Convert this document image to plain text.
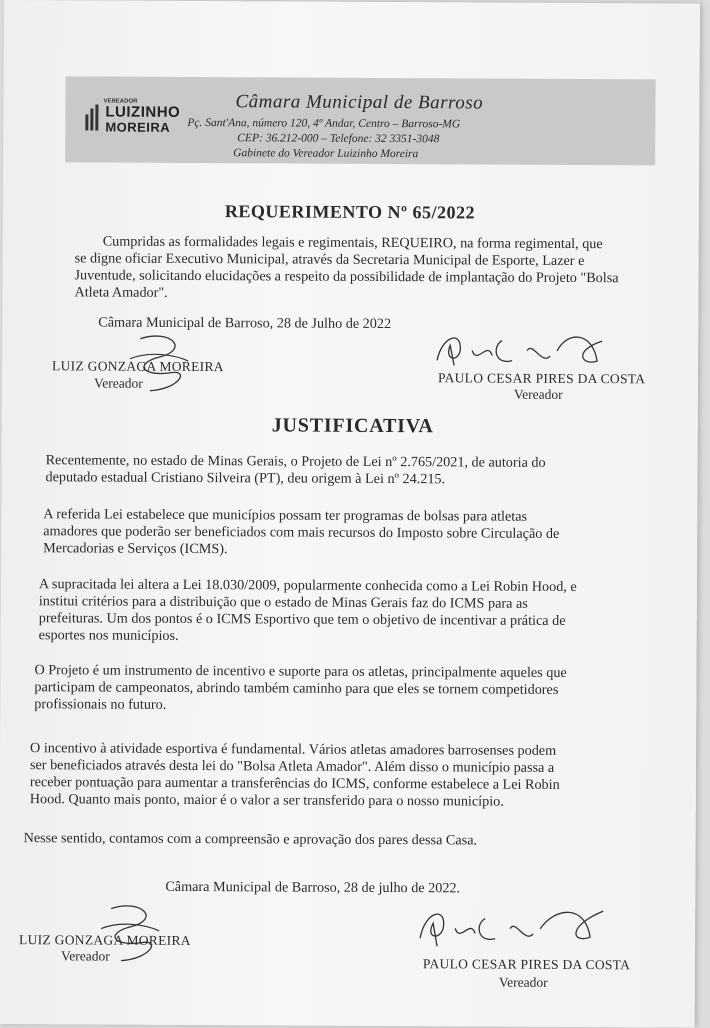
VEREADOR
LUIZINHO
MOREIRA
Câmara Municipal de Barroso
Pç. Sant'Ana, número 120, 4º Andar, Centro – Barroso-MG
CEP: 36.212-000 – Telefone: 32 3351-3048
Gabinete do Vereador Luizinho Moreira
REQUERIMENTO Nº 65/2022
Cumpridas as formalidades legais e regimentais, REQUEIRO, na forma regimental, que
se digne oficiar Executivo Municipal, através da Secretaria Municipal de Esporte, Lazer e
Juventude, solicitando elucidações a respeito da possibilidade de implantação do Projeto "Bolsa
Atleta Amador".
Câmara Municipal de Barroso, 28 de Julho de 2022
LUIZ GONZAGA MOREIRA
Vereador	PAULO CESAR PIRES DA COSTA
Vereador
JUSTIFICATIVA
Recentemente, no estado de Minas Gerais, o Projeto de Lei nº 2.765/2021, de autoria do
deputado estadual Cristiano Silveira (PT), deu origem à Lei nº 24.215.
A referida Lei estabelece que municípios possam ter programas de bolsas para atletas
amadores que poderão ser beneficiados com mais recursos do Imposto sobre Circulação de
Mercadorias e Serviços (ICMS).
A supracitada lei altera a Lei 18.030/2009, popularmente conhecida como a Lei Robin Hood, e
institui critérios para a distribuição que o estado de Minas Gerais faz do ICMS para as
prefeituras. Um dos pontos é o ICMS Esportivo que tem o objetivo de incentivar a prática de
esportes nos municípios.
O Projeto é um instrumento de incentivo e suporte para os atletas, principalmente aqueles que
participam de campeonatos, abrindo também caminho para que eles se tornem competidores
profissionais no futuro.
O incentivo à atividade esportiva é fundamental. Vários atletas amadores barrosenses podem
ser beneficiados através desta lei do "Bolsa Atleta Amador". Além disso o município passa a
receber pontuação para aumentar a transferências do ICMS, conforme estabelece a Lei Robin
Hood. Quanto mais ponto, maior é o valor a ser transferido para o nosso município.
Nesse sentido, contamos com a compreensão e aprovação dos pares dessa Casa.
Câmara Municipal de Barroso, 28 de julho de 2022.
LUIZ GONZAGA MOREIRA
Vereador
PAULO CESAR PIRES DA COSTA
Vereador
